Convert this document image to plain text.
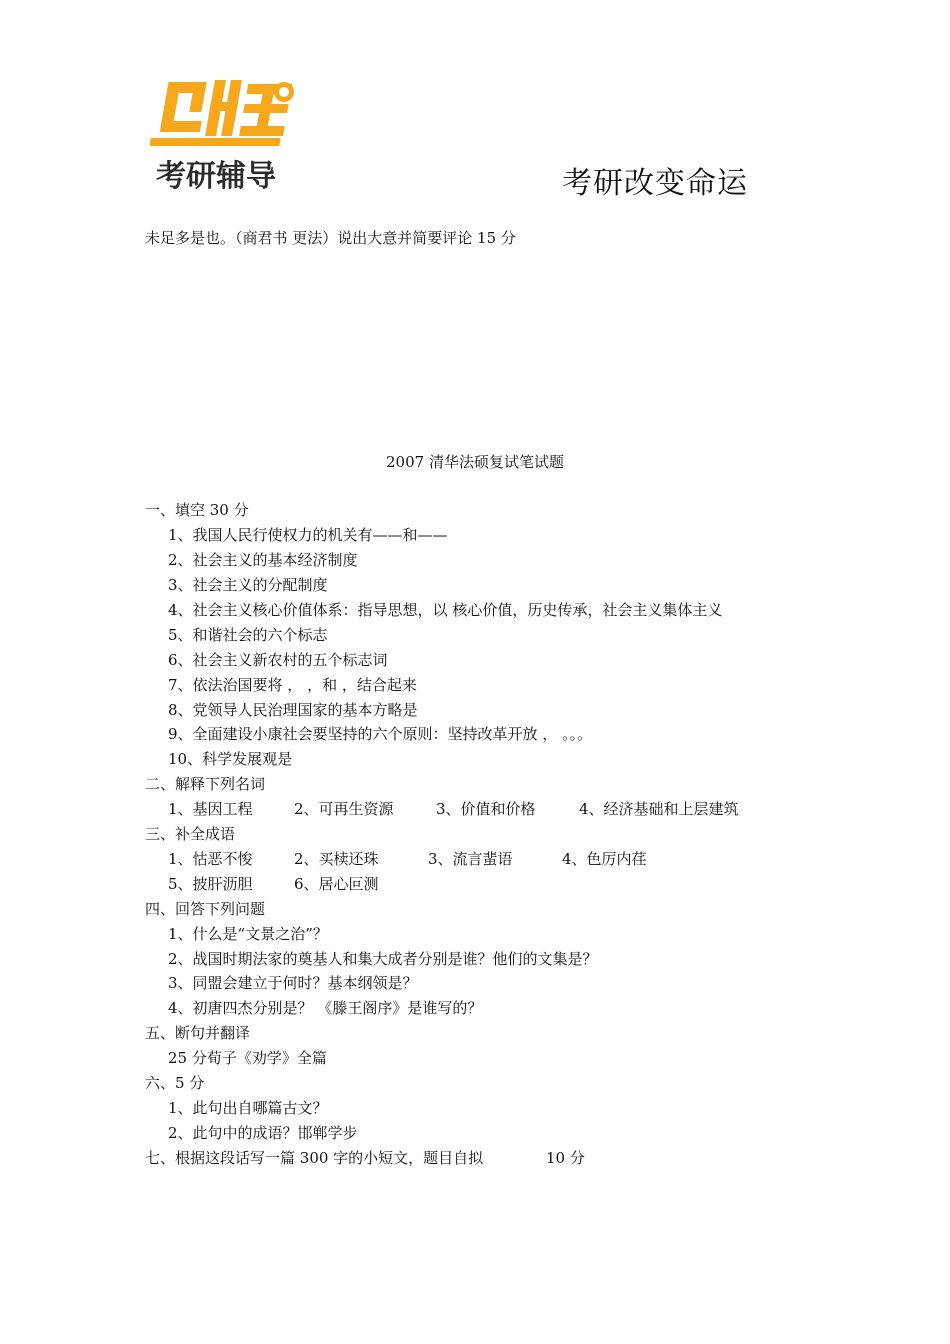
考研辅导	考研改变命运
未足多是也。（商君书 更法）说出大意并简要评论 15 分
2007 清华法硕复试笔试题
一、填空 30 分
1、我国人民行使权力的机关有——和——
2、社会主义的基本经济制度
3、社会主义的分配制度
4、社会主义核心价值体系：指导思想，以 核心价值，历史传承，社会主义集体主义
5、和谐社会的六个标志
6、社会主义新农村的五个标志词
7、依法治国要将 ， ，和 ，结合起来
8、党领导人民治理国家的基本方略是
9、全面建设小康社会要坚持的六个原则：坚持改革开放 ， 。。。
10、科学发展观是
二、解释下列名词
1、基因工程	2、可再生资源	3、价值和价格	4、经济基础和上层建筑
三、补全成语
1、怙恶不悛	2、买椟还珠	3、流言蜚语	4、色厉内荏
5、披肝沥胆	6、居心叵测
四、回答下列问题
1、什么是“文景之治”？
2、战国时期法家的奠基人和集大成者分别是谁？他们的文集是？
3、同盟会建立于何时？基本纲领是？
4、初唐四杰分别是？ 《滕王阁序》是谁写的？
五、断句并翻译
25 分荀子《劝学》全篇
六、5 分
1、此句出自哪篇古文？
2、此句中的成语？邯郸学步
七、根据这段话写一篇 300 字的小短文，题目自拟	10 分
